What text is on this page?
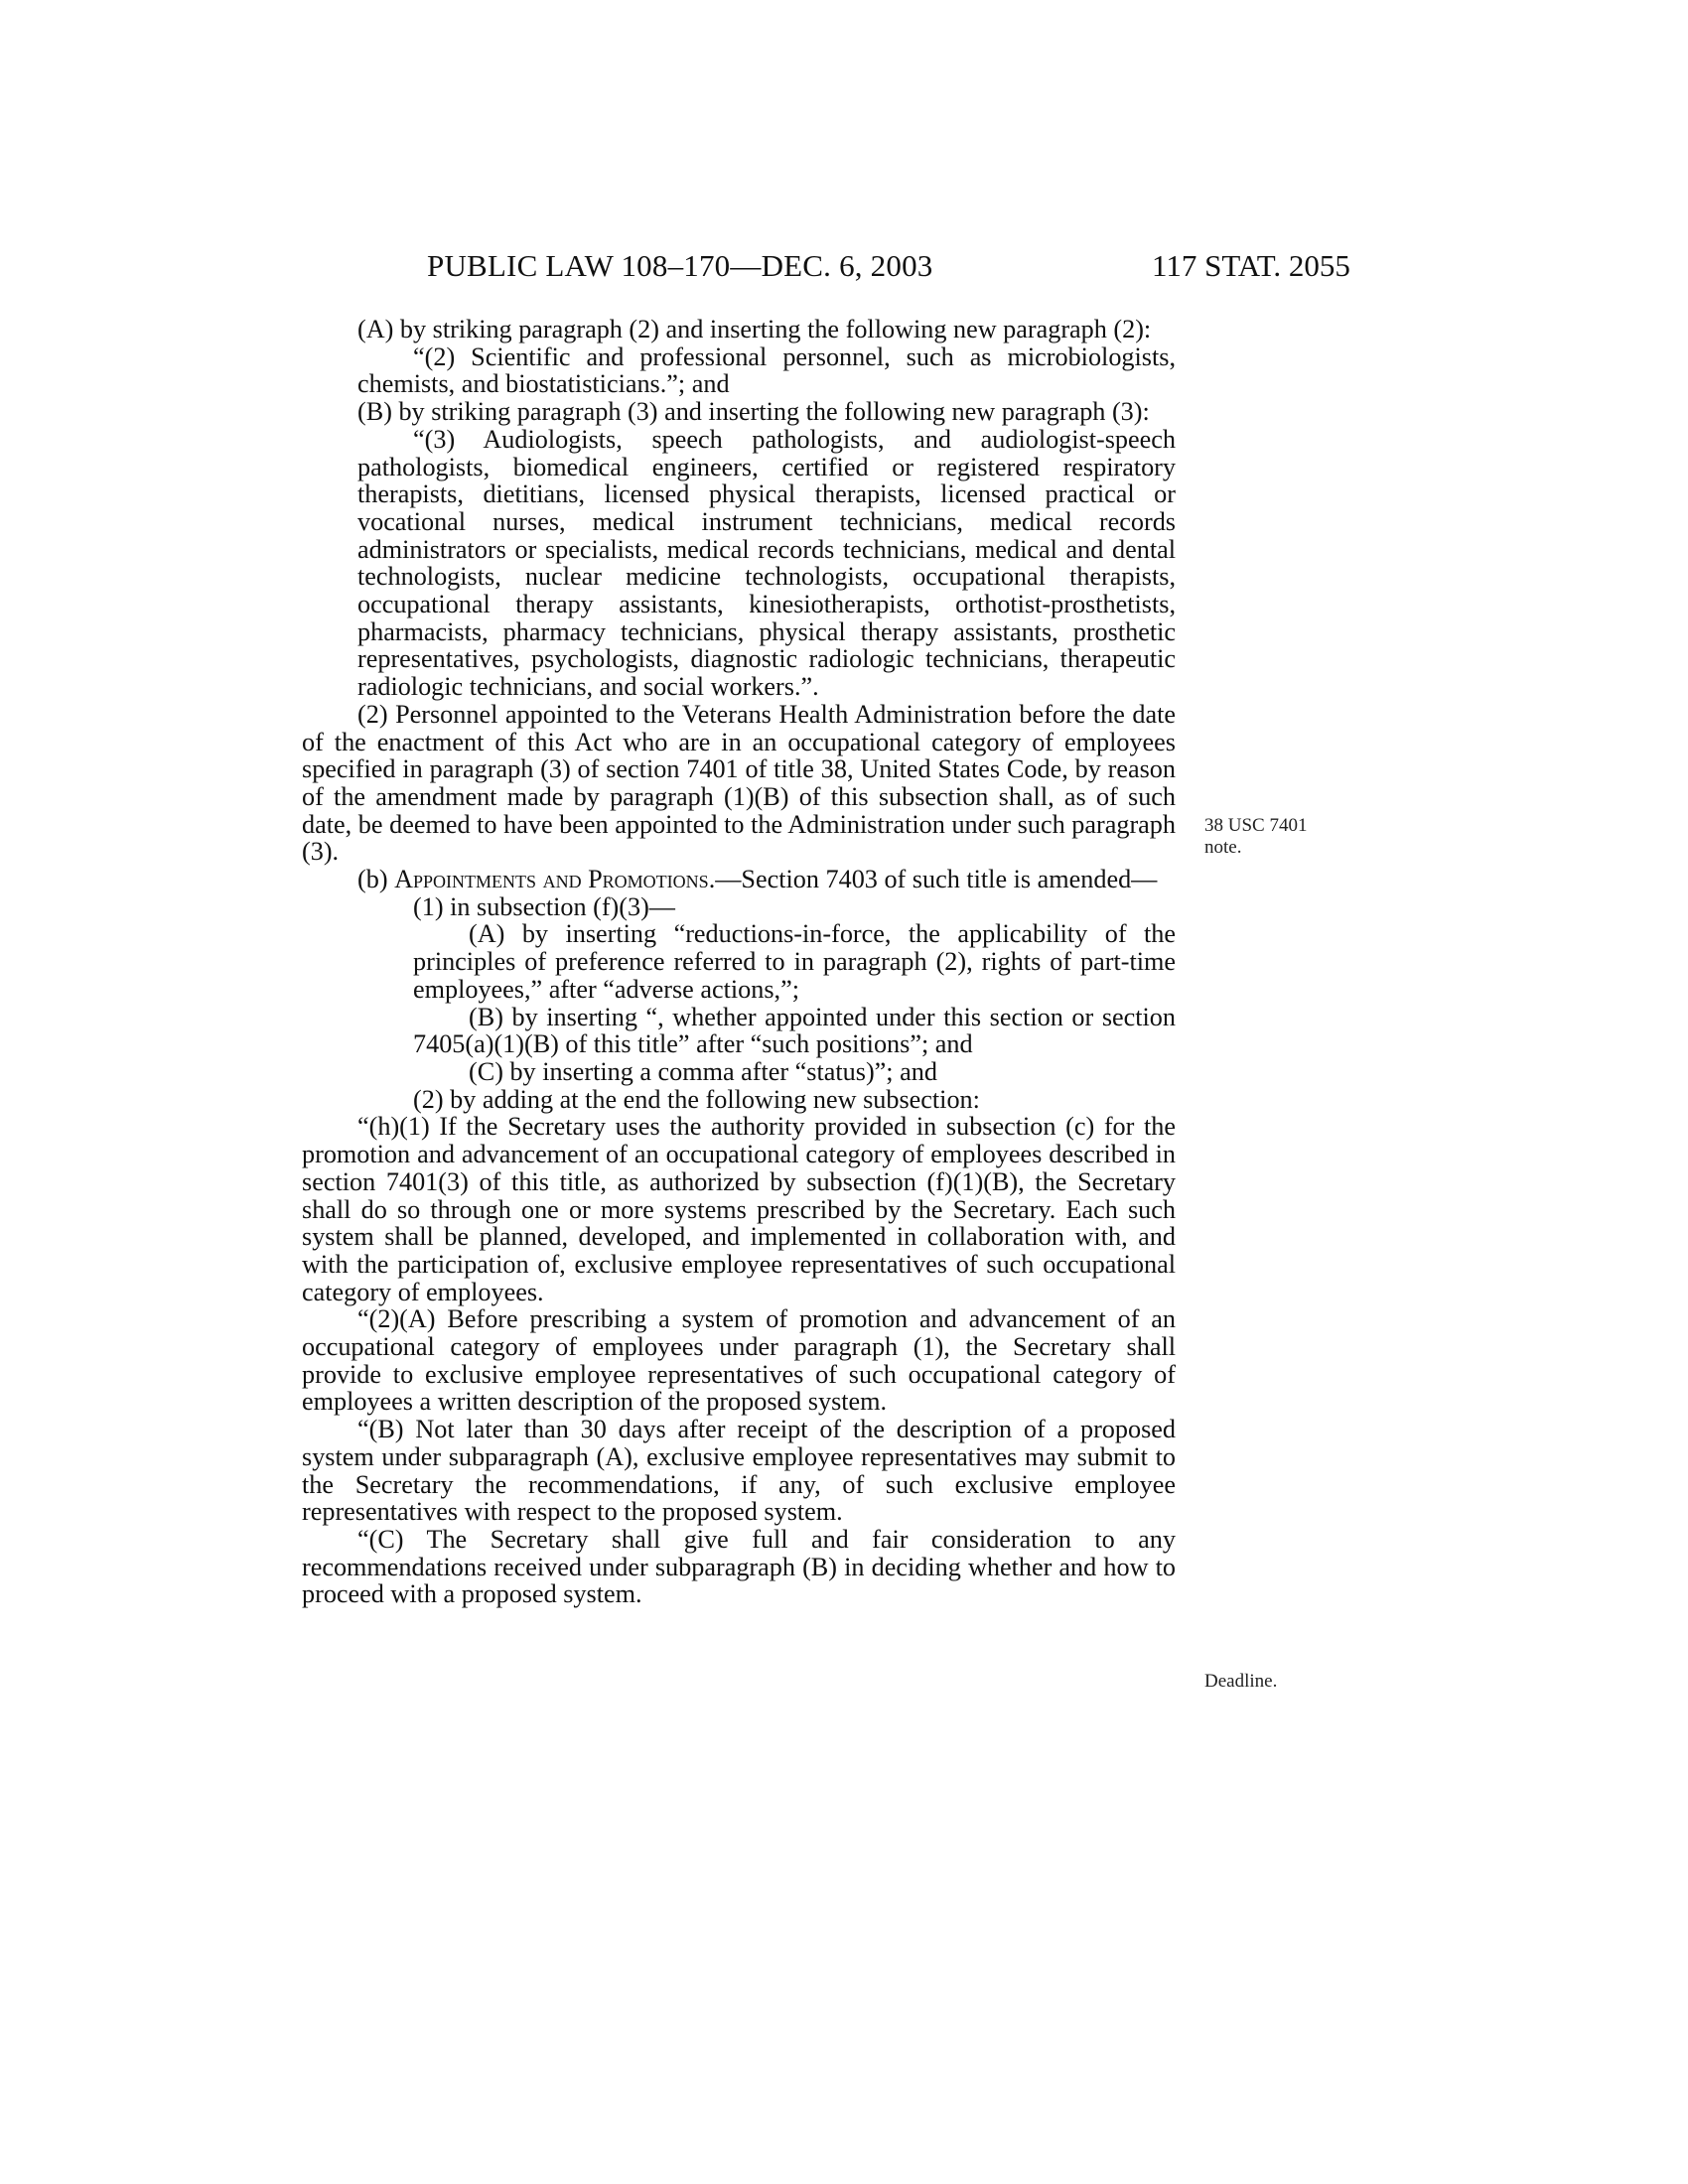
PUBLIC LAW 108–170—DEC. 6, 2003	117 STAT. 2055
38 USC 7401
note.
Deadline.

(A) by striking paragraph (2) and inserting the following new paragraph (2):

“(2) Scientific and professional personnel, such as microbiologists, chemists, and biostatisticians.”; and

(B) by striking paragraph (3) and inserting the following new paragraph (3):

“(3) Audiologists, speech pathologists, and audiologist-speech pathologists, biomedical engineers, certified or registered respiratory therapists, dietitians, licensed physical therapists, licensed practical or vocational nurses, medical instrument technicians, medical records administrators or specialists, medical records technicians, medical and dental technologists, nuclear medicine technologists, occupational therapists, occupational therapy assistants, kinesiotherapists, orthotist-prosthetists, pharmacists, pharmacy technicians, physical therapy assistants, prosthetic representatives, psychologists, diagnostic radiologic technicians, therapeutic radiologic technicians, and social workers.”.

(2) Personnel appointed to the Veterans Health Administration before the date of the enactment of this Act who are in an occupational category of employees specified in paragraph (3) of section 7401 of title 38, United States Code, by reason of the amendment made by paragraph (1)(B) of this subsection shall, as of such date, be deemed to have been appointed to the Administration under such paragraph (3).

(b) Appointments and Promotions.—Section 7403 of such title is amended—

(1) in subsection (f)(3)—

(A) by inserting “reductions-in-force, the applicability of the principles of preference referred to in paragraph (2), rights of part-time employees,” after “adverse actions,”;

(B) by inserting “, whether appointed under this section or section 7405(a)(1)(B) of this title” after “such positions”; and

(C) by inserting a comma after “status)”; and

(2) by adding at the end the following new subsection:

“(h)(1) If the Secretary uses the authority provided in subsection (c) for the promotion and advancement of an occupational category of employees described in section 7401(3) of this title, as authorized by subsection (f)(1)(B), the Secretary shall do so through one or more systems prescribed by the Secretary. Each such system shall be planned, developed, and implemented in collaboration with, and with the participation of, exclusive employee representatives of such occupational category of employees.

“(2)(A) Before prescribing a system of promotion and advancement of an occupational category of employees under paragraph (1), the Secretary shall provide to exclusive employee representatives of such occupational category of employees a written description of the proposed system.

“(B) Not later than 30 days after receipt of the description of a proposed system under subparagraph (A), exclusive employee representatives may submit to the Secretary the recommendations, if any, of such exclusive employee representatives with respect to the proposed system.

“(C) The Secretary shall give full and fair consideration to any recommendations received under subparagraph (B) in deciding whether and how to proceed with a proposed system.
